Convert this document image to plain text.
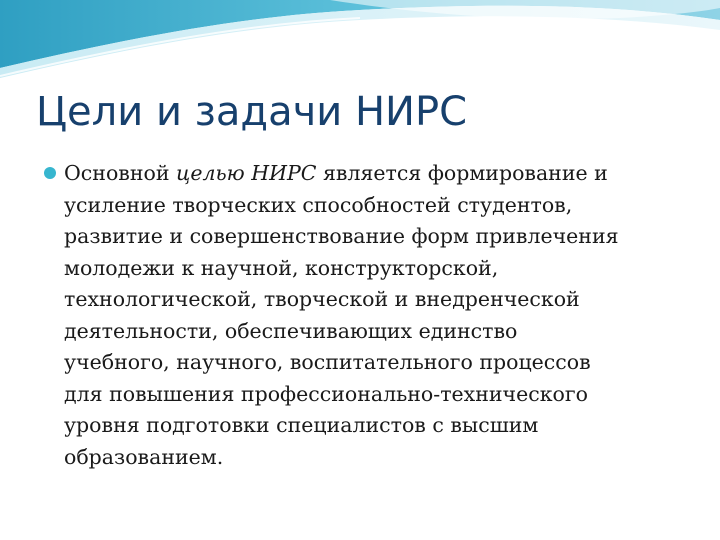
Цели и задачи НИРС

Основной целью НИРС является формирование и
усиление творческих способностей студентов,
развитие и совершенствование форм привлечения
молодежи к научной, конструкторской,
технологической, творческой и внедренческой
деятельности, обеспечивающих единство
учебного, научного, воспитательного процессов
для повышения профессионально-технического
уровня подготовки специалистов с высшим
образованием.
